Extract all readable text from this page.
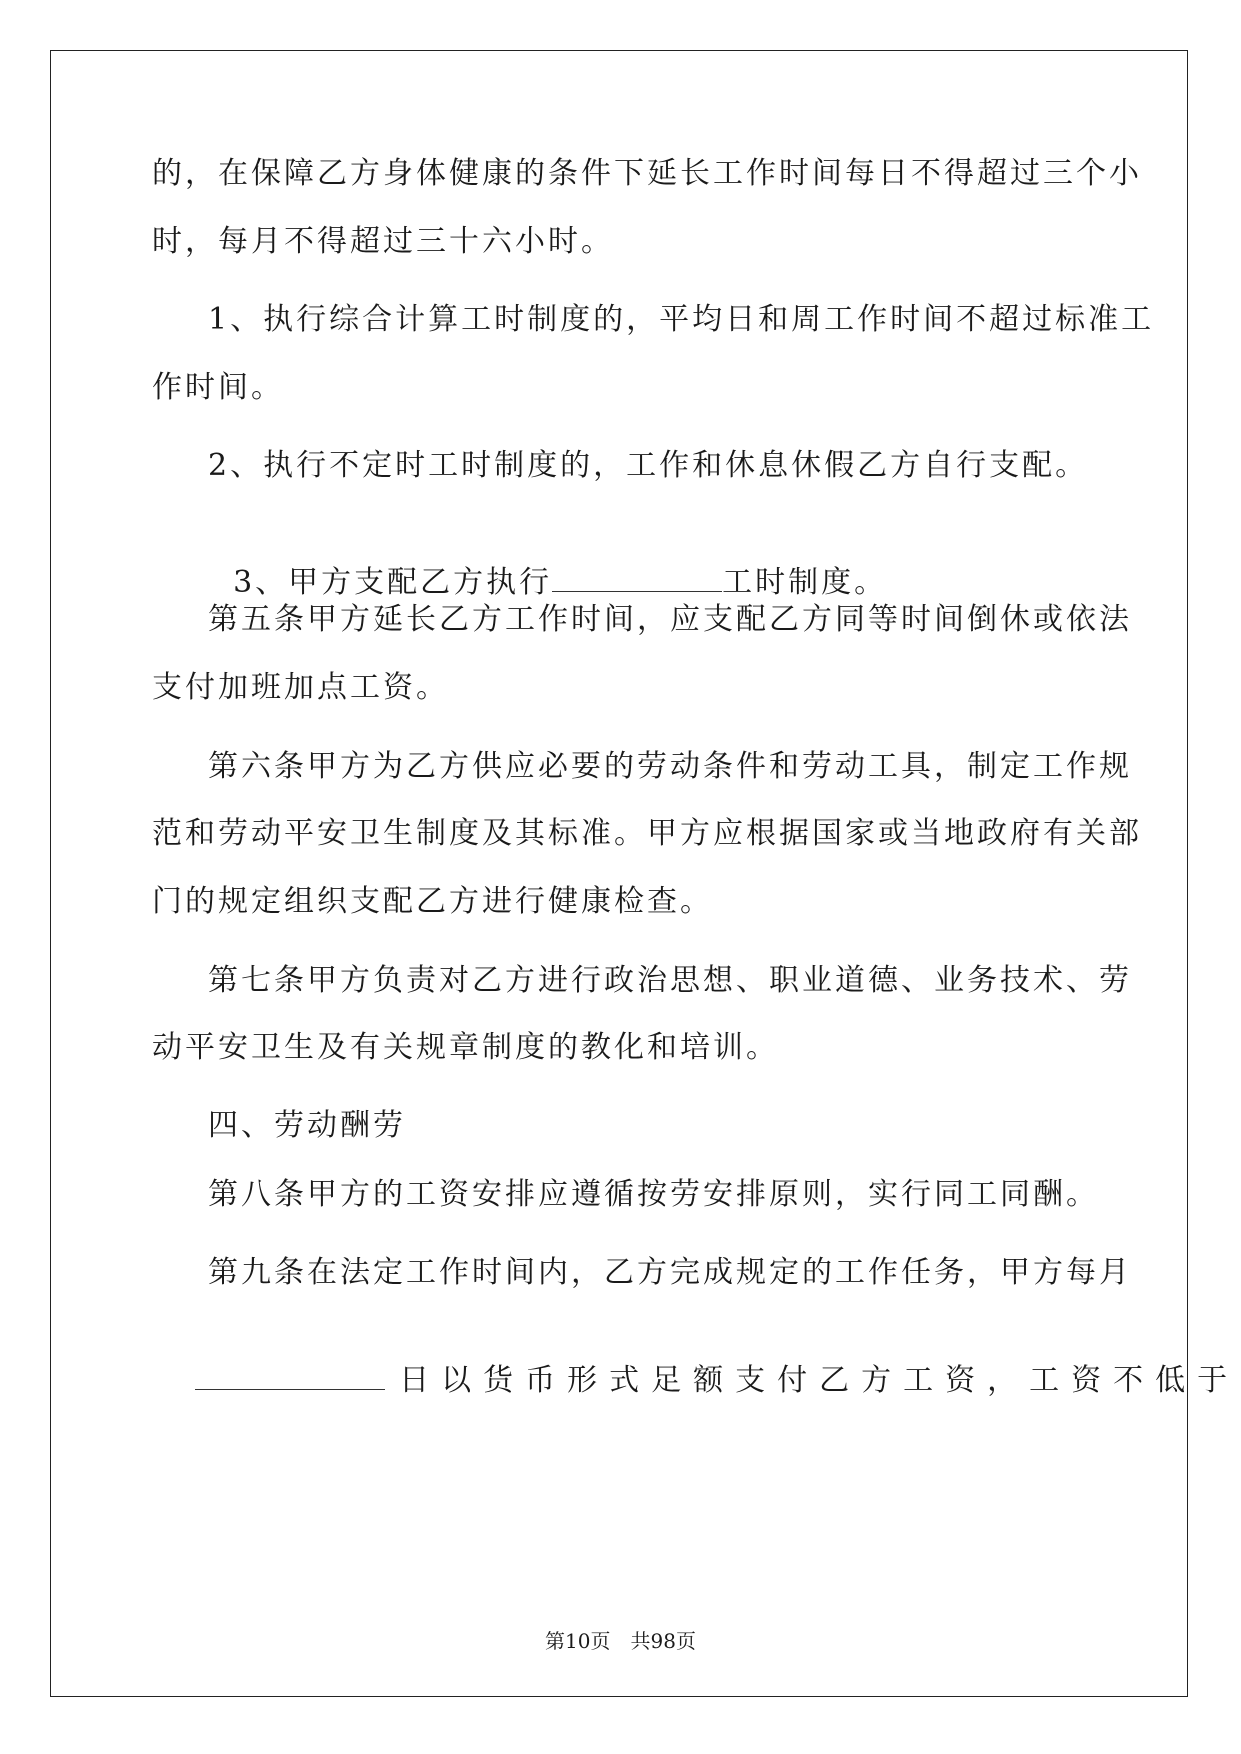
的，在保障乙方身体健康的条件下延长工作时间每日不得超过三个小
时，每月不得超过三十六小时。
1、执行综合计算工时制度的，平均日和周工作时间不超过标准工
作时间。
2、执行不定时工时制度的，工作和休息休假乙方自行支配。

3、甲方支配乙方执行	工时制度。

第五条甲方延长乙方工作时间，应支配乙方同等时间倒休或依法
支付加班加点工资。
第六条甲方为乙方供应必要的劳动条件和劳动工具，制定工作规
范和劳动平安卫生制度及其标准。甲方应根据国家或当地政府有关部
门的规定组织支配乙方进行健康检查。
第七条甲方负责对乙方进行政治思想、职业道德、业务技术、劳
动平安卫生及有关规章制度的教化和培训。
四、劳动酬劳
第八条甲方的工资安排应遵循按劳安排原则，实行同工同酬。
第九条在法定工作时间内，乙方完成规定的工作任务，甲方每月

日以货币形式足额支付乙方工资，工资不低于

第10页　共98页
